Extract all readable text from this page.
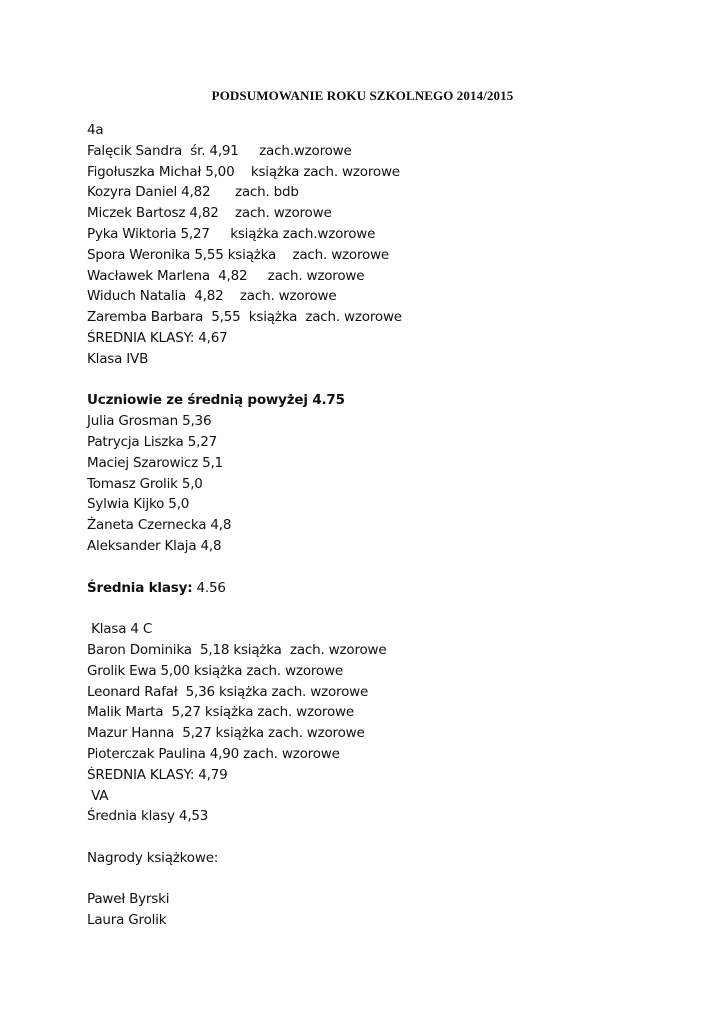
PODSUMOWANIE ROKU SZKOLNEGO 2014/2015
4a
Falęcik Sandra  śr. 4,91     zach.wzorowe
Figołuszka Michał 5,00    książka zach. wzorowe
Kozyra Daniel 4,82      zach. bdb
Miczek Bartosz 4,82    zach. wzorowe
Pyka Wiktoria 5,27     książka zach.wzorowe
Spora Weronika 5,55 książka    zach. wzorowe
Wacławek Marlena  4,82     zach. wzorowe
Widuch Natalia  4,82    zach. wzorowe
Zaremba Barbara  5,55  książka  zach. wzorowe
ŚREDNIA KLASY: 4,67
Klasa IVB
Uczniowie ze średnią powyżej 4.75
Julia Grosman 5,36
Patrycja Liszka 5,27
Maciej Szarowicz 5,1
Tomasz Grolik 5,0
Sylwia Kijko 5,0
Żaneta Czernecka 4,8
Aleksander Klaja 4,8
Średnia klasy: 4.56
Klasa 4 C
Baron Dominika  5,18 książka  zach. wzorowe
Grolik Ewa 5,00 książka zach. wzorowe
Leonard Rafał  5,36 książka zach. wzorowe
Malik Marta  5,27 książka zach. wzorowe
Mazur Hanna  5,27 książka zach. wzorowe
Pioterczak Paulina 4,90 zach. wzorowe
ŚREDNIA KLASY: 4,79
VA
Średnia klasy 4,53
Nagrody książkowe:
Paweł Byrski
Laura Grolik
